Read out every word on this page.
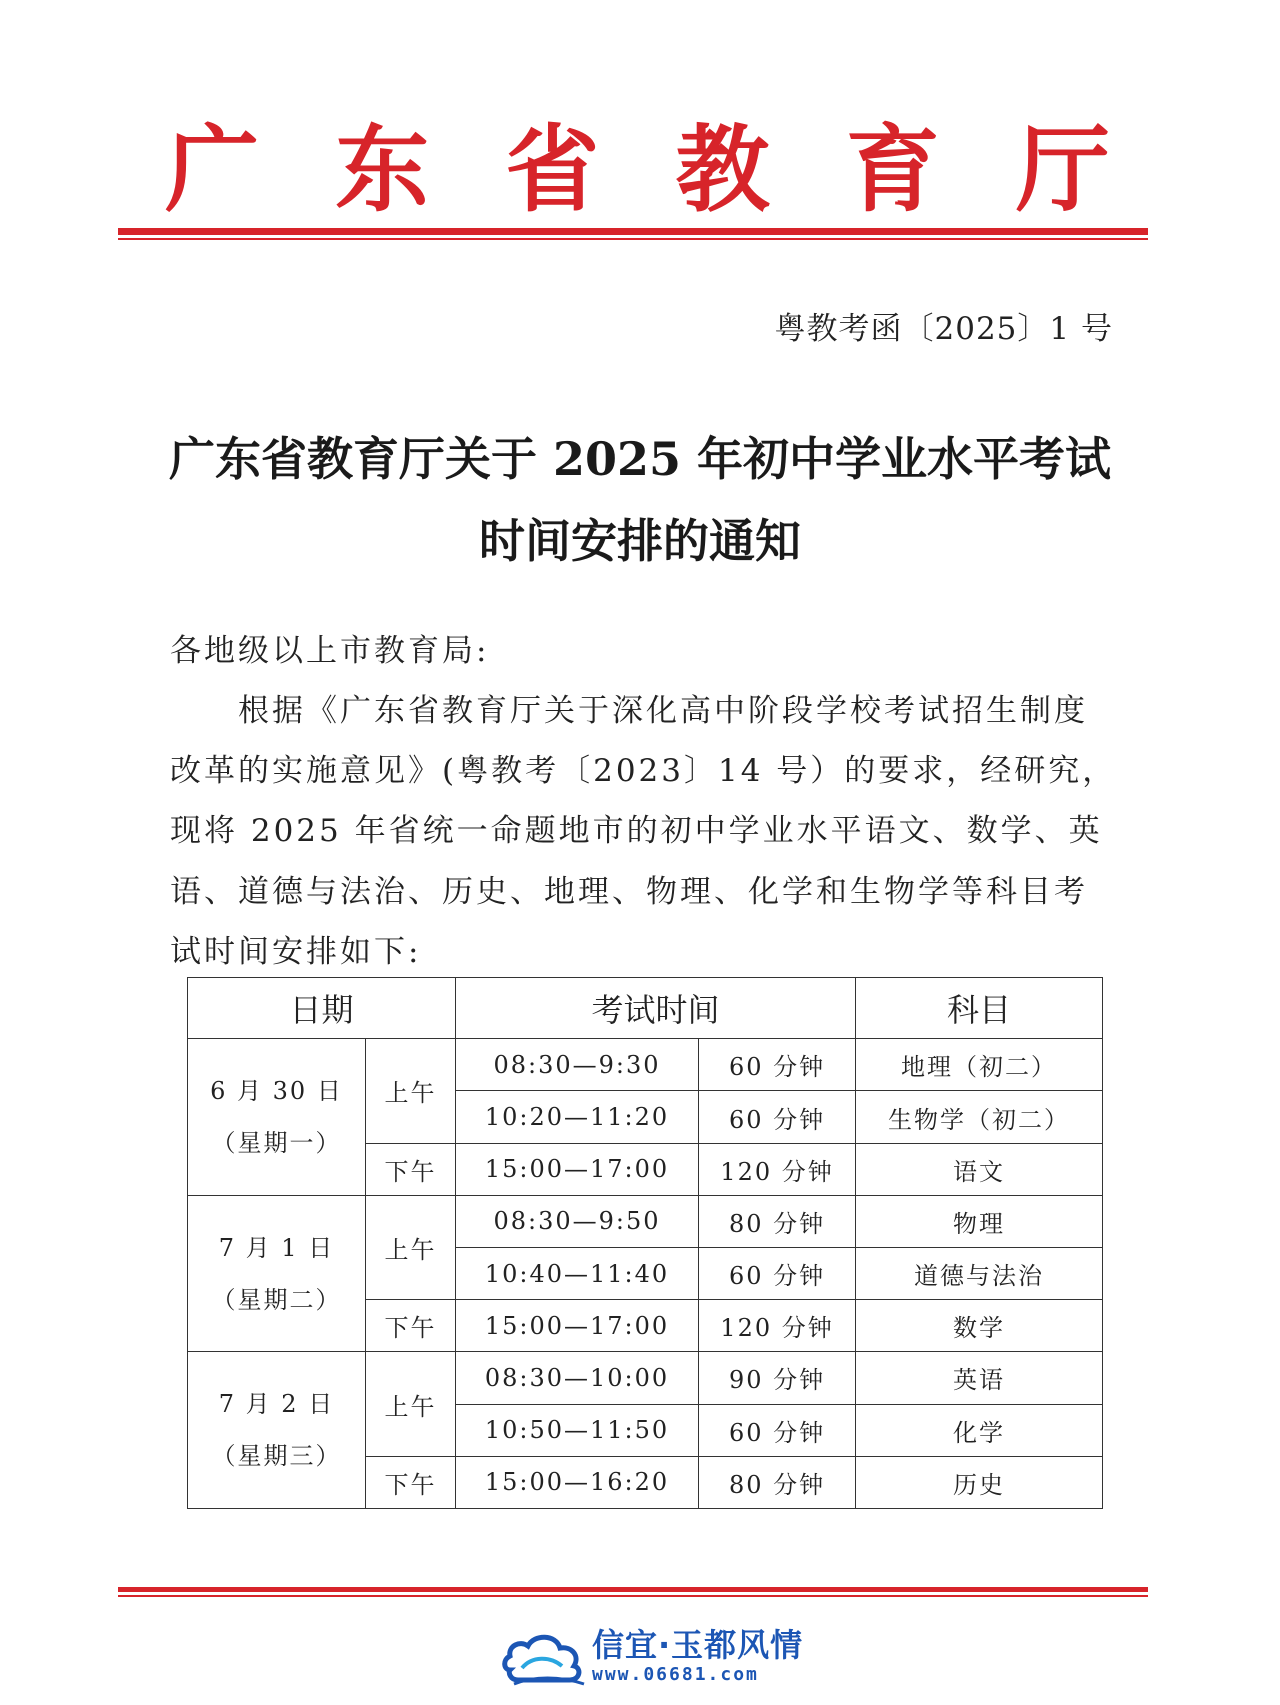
广 东 省 教 育 厅
粤教考函〔2025〕1 号
广东省教育厅关于 2025 年初中学业水平考试
时间安排的通知
各地级以上市教育局:
根据《广东省教育厅关于深化高中阶段学校考试招生制度
改革的实施意见》(粤教考〔2023〕14 号）的要求，经研究，
现将 2025 年省统一命题地市的初中学业水平语文、数学、英
语、道德与法治、历史、地理、物理、化学和生物学等科目考
试时间安排如下:
日期		考试时间		科目

6 月 30 日
（星期一）	上午	08:30—9:30	60 分钟	地理（初二）
		10:20—11:20	60 分钟	生物学（初二）
	下午	15:00—17:00	120 分钟	语文

7 月 1 日
（星期二）	上午	08:30—9:50	80 分钟	物理
		10:40—11:40	60 分钟	道德与法治
	下午	15:00—17:00	120 分钟	数学

7 月 2 日
（星期三）	上午	08:30—10:00	90 分钟	英语
		10:50—11:50	60 分钟	化学
	下午	15:00—16:20	80 分钟	历史
信宜·玉都风情
www.06681.com
